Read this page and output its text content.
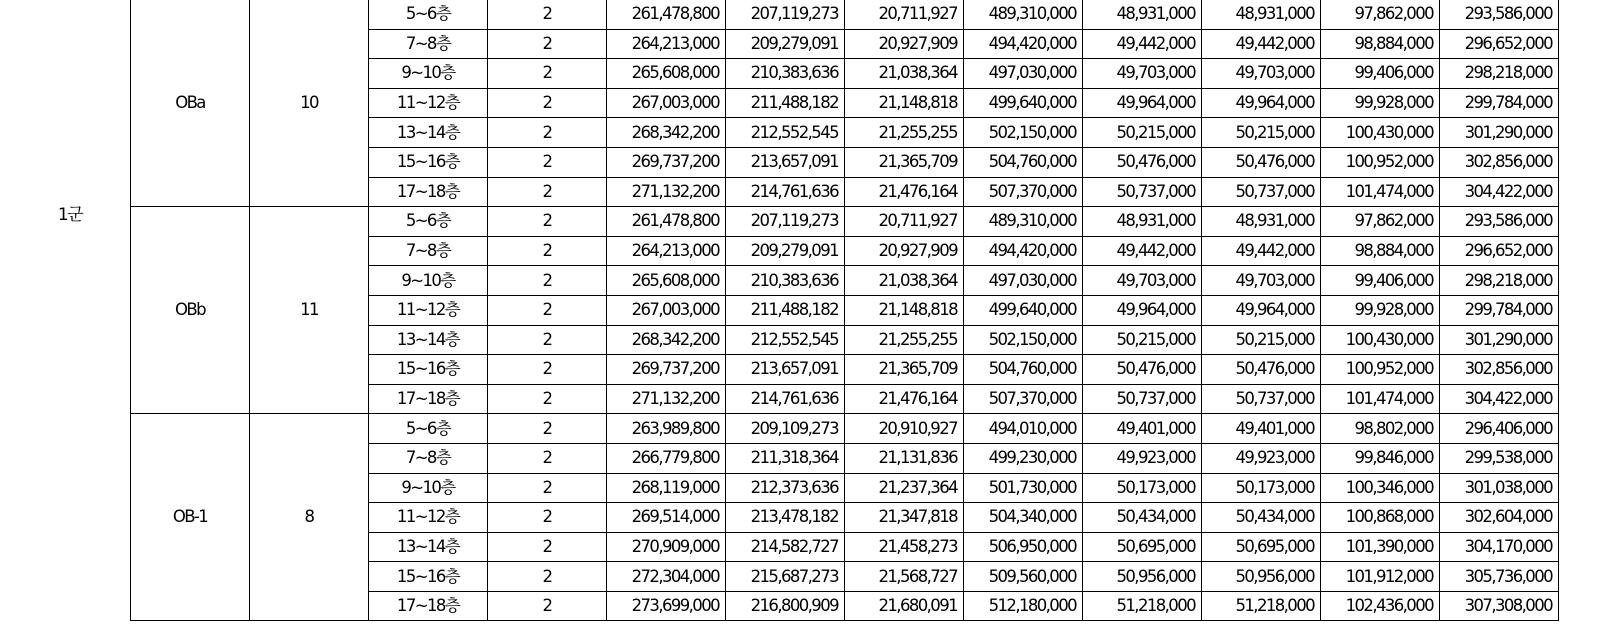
1군
OBa	10	5~6층	2	261,478,800	207,119,273	20,711,927	489,310,000	48,931,000	48,931,000	97,862,000	293,586,000
		7~8층	2	264,213,000	209,279,091	20,927,909	494,420,000	49,442,000	49,442,000	98,884,000	296,652,000
		9~10층	2	265,608,000	210,383,636	21,038,364	497,030,000	49,703,000	49,703,000	99,406,000	298,218,000
		11~12층	2	267,003,000	211,488,182	21,148,818	499,640,000	49,964,000	49,964,000	99,928,000	299,784,000
		13~14층	2	268,342,200	212,552,545	21,255,255	502,150,000	50,215,000	50,215,000	100,430,000	301,290,000
		15~16층	2	269,737,200	213,657,091	21,365,709	504,760,000	50,476,000	50,476,000	100,952,000	302,856,000
		17~18층	2	271,132,200	214,761,636	21,476,164	507,370,000	50,737,000	50,737,000	101,474,000	304,422,000
OBb	11	5~6층	2	261,478,800	207,119,273	20,711,927	489,310,000	48,931,000	48,931,000	97,862,000	293,586,000
		7~8층	2	264,213,000	209,279,091	20,927,909	494,420,000	49,442,000	49,442,000	98,884,000	296,652,000
		9~10층	2	265,608,000	210,383,636	21,038,364	497,030,000	49,703,000	49,703,000	99,406,000	298,218,000
		11~12층	2	267,003,000	211,488,182	21,148,818	499,640,000	49,964,000	49,964,000	99,928,000	299,784,000
		13~14층	2	268,342,200	212,552,545	21,255,255	502,150,000	50,215,000	50,215,000	100,430,000	301,290,000
		15~16층	2	269,737,200	213,657,091	21,365,709	504,760,000	50,476,000	50,476,000	100,952,000	302,856,000
		17~18층	2	271,132,200	214,761,636	21,476,164	507,370,000	50,737,000	50,737,000	101,474,000	304,422,000
OB-1	8	5~6층	2	263,989,800	209,109,273	20,910,927	494,010,000	49,401,000	49,401,000	98,802,000	296,406,000
		7~8층	2	266,779,800	211,318,364	21,131,836	499,230,000	49,923,000	49,923,000	99,846,000	299,538,000
		9~10층	2	268,119,000	212,373,636	21,237,364	501,730,000	50,173,000	50,173,000	100,346,000	301,038,000
		11~12층	2	269,514,000	213,478,182	21,347,818	504,340,000	50,434,000	50,434,000	100,868,000	302,604,000
		13~14층	2	270,909,000	214,582,727	21,458,273	506,950,000	50,695,000	50,695,000	101,390,000	304,170,000
		15~16층	2	272,304,000	215,687,273	21,568,727	509,560,000	50,956,000	50,956,000	101,912,000	305,736,000
		17~18층	2	273,699,000	216,800,909	21,680,091	512,180,000	51,218,000	51,218,000	102,436,000	307,308,000
